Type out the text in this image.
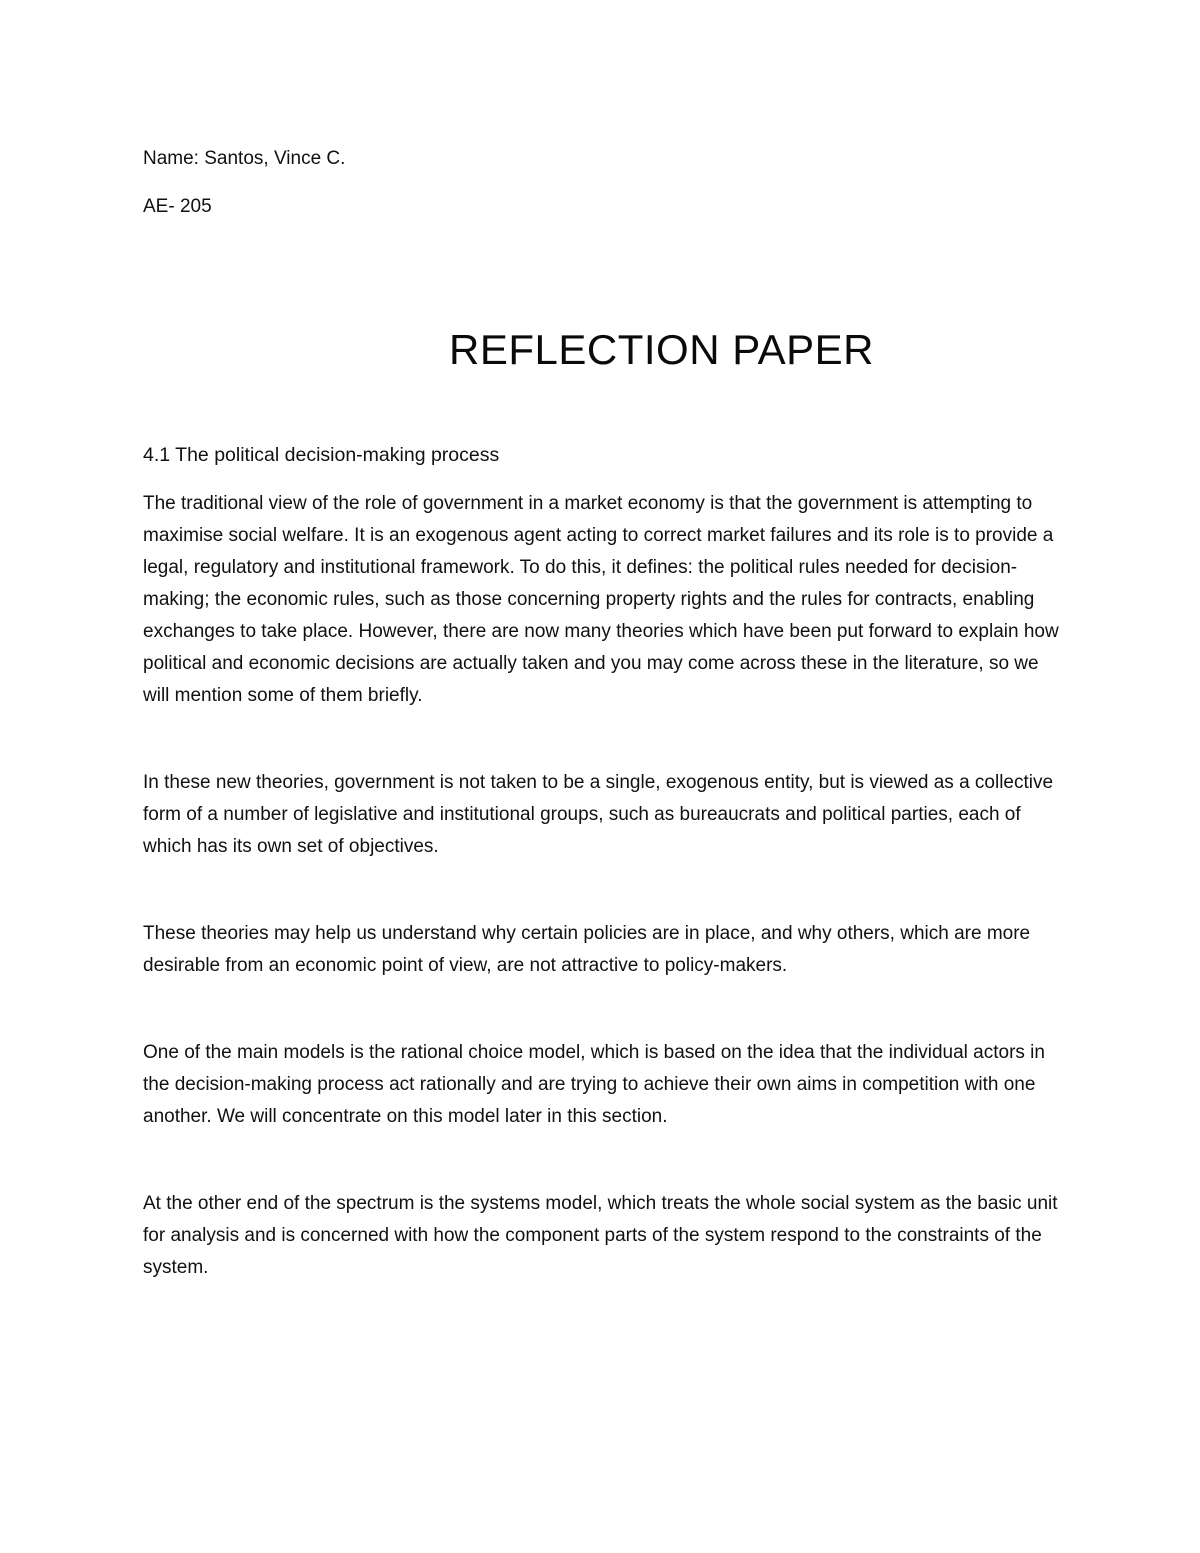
Name: Santos, Vince C.

AE- 205

REFLECTION PAPER
4.1 The political decision-making process

The traditional view of the role of government in a market economy is that the government is attempting to maximise social welfare. It is an exogenous agent acting to correct market failures and its role is to provide a legal, regulatory and institutional framework. To do this, it defines: the political rules needed for decision-making; the economic rules, such as those concerning property rights and the rules for contracts, enabling exchanges to take place. However, there are now many theories which have been put forward to explain how political and economic decisions are actually taken and you may come across these in the literature, so we will mention some of them briefly.

In these new theories, government is not taken to be a single, exogenous entity, but is viewed as a collective form of a number of legislative and institutional groups, such as bureaucrats and political parties, each of which has its own set of objectives.

These theories may help us understand why certain policies are in place, and why others, which are more desirable from an economic point of view, are not attractive to policy-makers.

One of the main models is the rational choice model, which is based on the idea that the individual actors in the decision-making process act rationally and are trying to achieve their own aims in competition with one another. We will concentrate on this model later in this section.

At the other end of the spectrum is the systems model, which treats the whole social system as the basic unit for analysis and is concerned with how the component parts of the system respond to the constraints of the system.
